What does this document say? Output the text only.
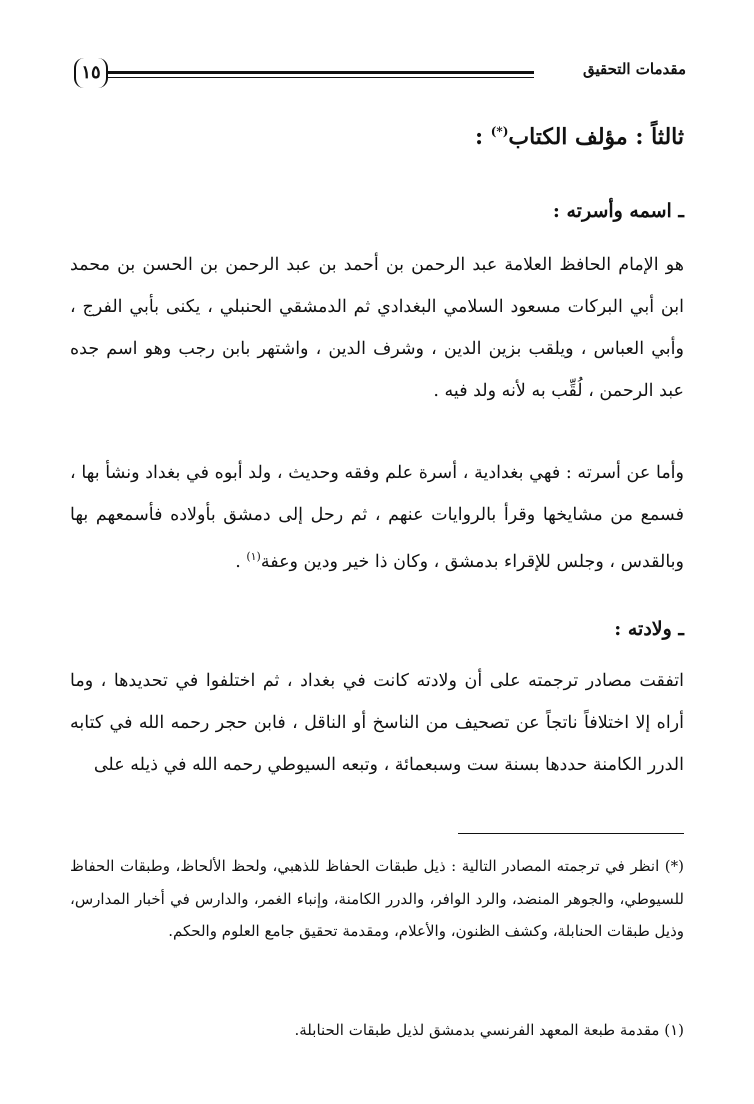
مقدمات التحقيق
١٥
ثالثاً : مؤلف الكتاب(*) :
ـ اسمه وأسرته :

هو الإمام الحافظ العلامة عبد الرحمن بن أحمد بن عبد الرحمن بن الحسن بن محمد ابن أبي البركات مسعود السلامي البغدادي ثم الدمشقي الحنبلي ، يكنى بأبي الفرج ، وأبي العباس ، ويلقب بزين الدين ، وشرف الدين ، واشتهر بابن رجب وهو اسم جده عبد الرحمن ، لُقِّب به لأنه ولد فيه .

وأما عن أسرته : فهي بغدادية ، أسرة علم وفقه وحديث ، ولد أبوه في بغداد ونشأ بها ، فسمع من مشايخها وقرأ بالروايات عنهم ، ثم رحل إلى دمشق بأولاده فأسمعهم بها وبالقدس ، وجلس للإقراء بدمشق ، وكان ذا خير ودين وعفة$^{(١)}$ .

ـ ولادته :

اتفقت مصادر ترجمته على أن ولادته كانت في بغداد ، ثم اختلفوا في تحديدها ، وما أراه إلا اختلافاً ناتجاً عن تصحيف من الناسخ أو الناقل ، فابن حجر رحمه الله في كتابه الدرر الكامنة حددها بسنة ست وسبعمائة ، وتبعه السيوطي رحمه الله في ذيله على

(*) انظر في ترجمته المصادر التالية : ذيل طبقات الحفاظ للذهبي، ولحظ الألحاظ، وطبقات الحفاظ للسيوطي، والجوهر المنضد، والرد الوافر، والدرر الكامنة، وإنباء الغمر، والدارس في أخبار المدارس، وذيل طبقات الحنابلة، وكشف الظنون، والأعلام، ومقدمة تحقيق جامع العلوم والحكم.

(١) مقدمة طبعة المعهد الفرنسي بدمشق لذيل طبقات الحنابلة.
